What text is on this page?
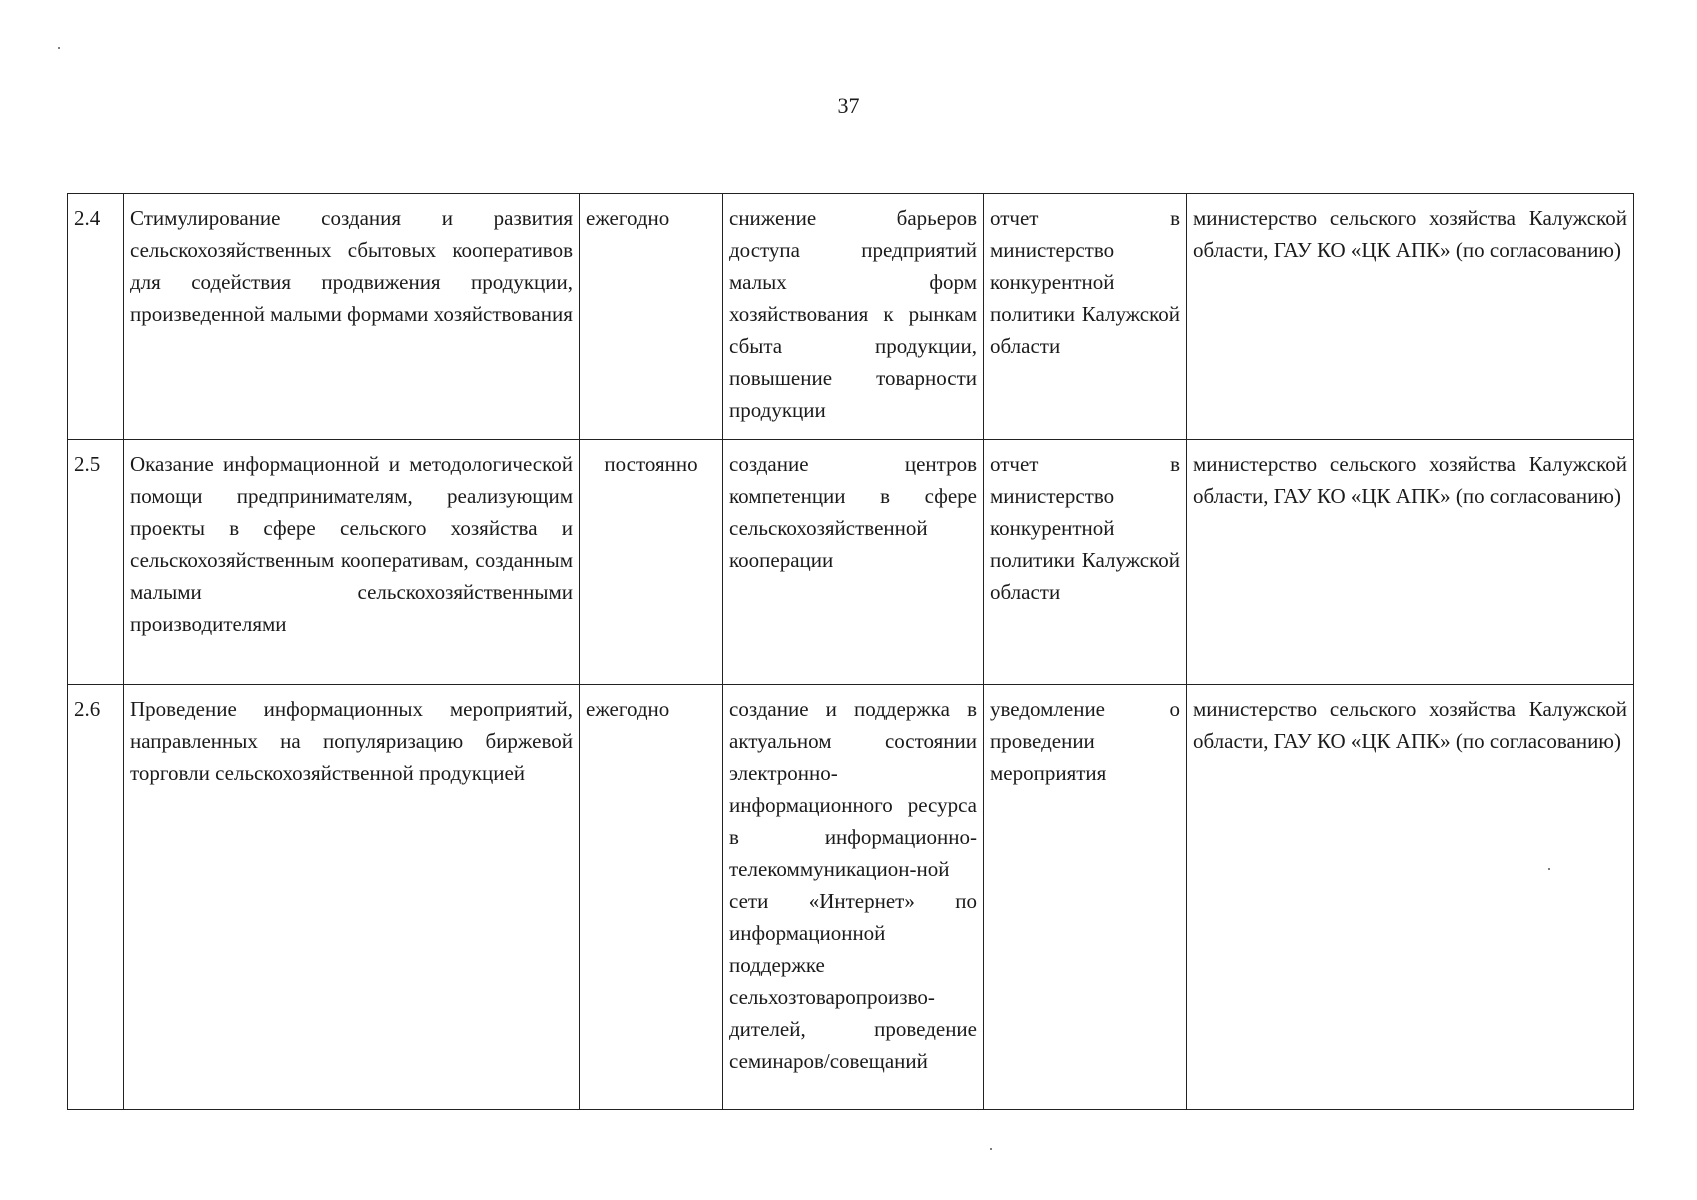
37
2.4	Стимулирование создания и развития сельскохозяйственных сбытовых кооперативов для содействия продвижения продукции, произведенной малыми формами хозяйствования	ежегодно	снижение барьеров доступа предприятий малых форм хозяйствования к рынкам сбыта продукции, повышение товарности продукции	отчет в министерство конкурентной политики Калужской области	министерство сельского хозяйства Калужской области, ГАУ КО «ЦК АПК» (по согласованию)
2.5	Оказание информационной и методологической помощи предпринимателям, реализующим проекты в сфере сельского хозяйства и сельскохозяйственным кооперативам, созданным малыми сельскохозяйственными производителями	постоянно	создание центров компетенции в сфере сельскохозяйственной кооперации	отчет в министерство конкурентной политики Калужской области	министерство сельского хозяйства Калужской области, ГАУ КО «ЦК АПК» (по согласованию)
2.6	Проведение информационных мероприятий, направленных на популяризацию биржевой торговли сельскохозяйственной продукцией	ежегодно	создание и поддержка в актуальном состоянии электронно-информационного ресурса в информационно-телекоммуникацион-ной сети «Интернет» по информационной поддержке сельхозтоваропроизво-дителей, проведение семинаров/совещаний	уведомление о проведении мероприятия	министерство сельского хозяйства Калужской области, ГАУ КО «ЦК АПК» (по согласованию)
